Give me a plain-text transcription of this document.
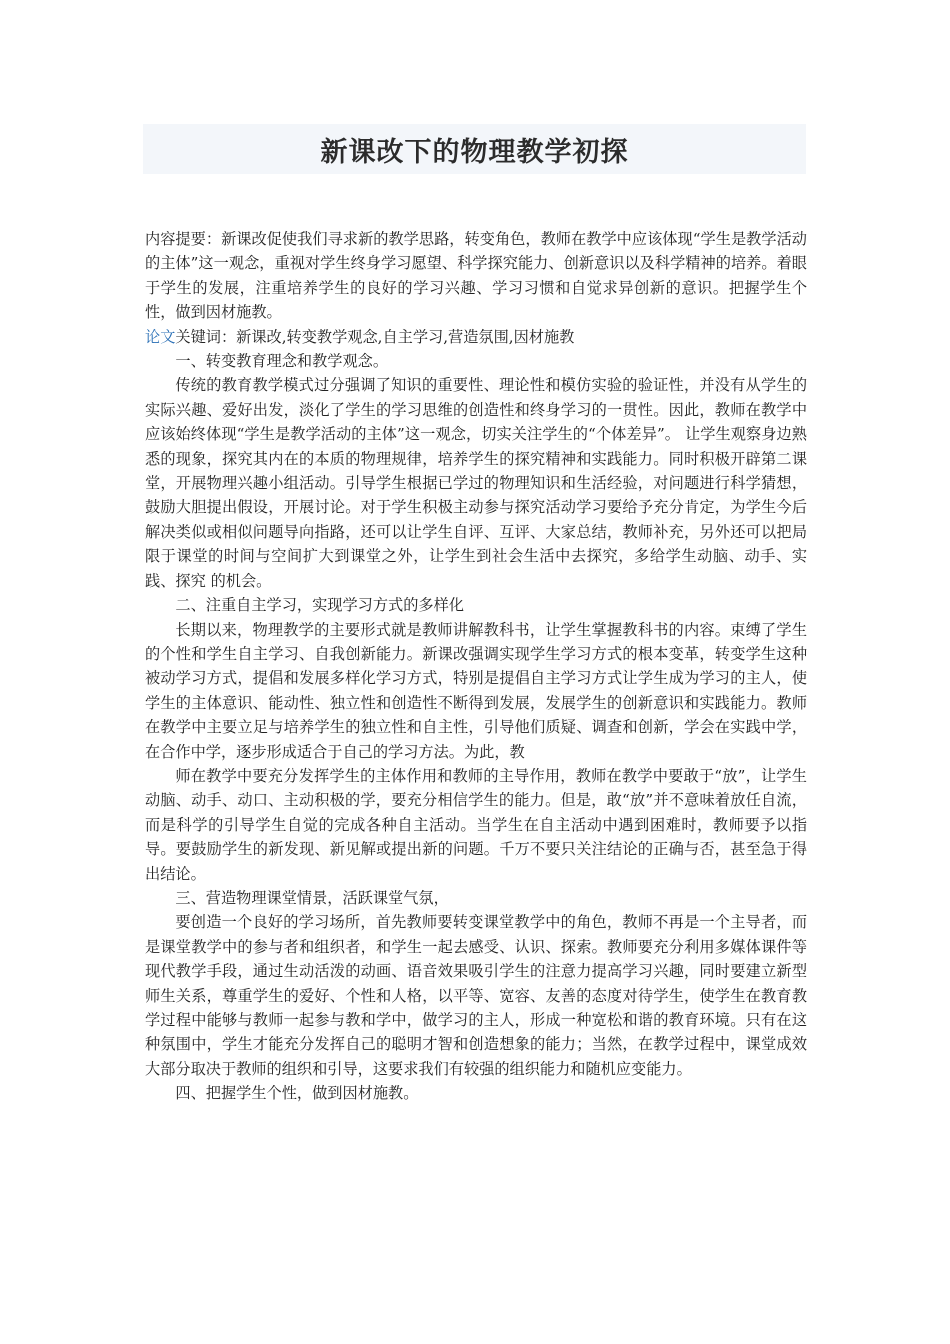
新课改下的物理教学初探

内容提要：新课改促使我们寻求新的教学思路，转变角色，教师在教学中应该体现“学生是教学活动的主体”这一观念，重视对学生终身学习愿望、科学探究能力、创新意识以及科学精神的培养。着眼于学生的发展，注重培养学生的良好的学习兴趣、学习习惯和自觉求异创新的意识。把握学生个性，做到因材施教。

论文关键词：新课改,转变教学观念,自主学习,营造氛围,因材施教

一、转变教育理念和教学观念。

传统的教育教学模式过分强调了知识的重要性、理论性和模仿实验的验证性，并没有从学生的实际兴趣、爱好出发，淡化了学生的学习思维的创造性和终身学习的一贯性。因此，教师在教学中应该始终体现“学生是教学活动的主体”这一观念，切实关注学生的“个体差异”。 让学生观察身边熟悉的现象，探究其内在的本质的物理规律，培养学生的探究精神和实践能力。同时积极开辟第二课堂，开展物理兴趣小组活动。引导学生根据已学过的物理知识和生活经验，对问题进行科学猜想，鼓励大胆提出假设，开展讨论。对于学生积极主动参与探究活动学习要给予充分肯定，为学生今后解决类似或相似问题导向指路，还可以让学生自评、互评、大家总结，教师补充，另外还可以把局限于课堂的时间与空间扩大到课堂之外，让学生到社会生活中去探究，多给学生动脑、动手、实践、探究 的机会。

二、注重自主学习，实现学习方式的多样化

长期以来，物理教学的主要形式就是教师讲解教科书，让学生掌握教科书的内容。束缚了学生的个性和学生自主学习、自我创新能力。新课改强调实现学生学习方式的根本变革，转变学生这种被动学习方式，提倡和发展多样化学习方式，特别是提倡自主学习方式让学生成为学习的主人，使学生的主体意识、能动性、独立性和创造性不断得到发展，发展学生的创新意识和实践能力。教师在教学中主要立足与培养学生的独立性和自主性，引导他们质疑、调查和创新，学会在实践中学，在合作中学，逐步形成适合于自己的学习方法。为此，教

师在教学中要充分发挥学生的主体作用和教师的主导作用，教师在教学中要敢于“放”，让学生动脑、动手、动口、主动积极的学，要充分相信学生的能力。但是，敢“放”并不意味着放任自流，而是科学的引导学生自觉的完成各种自主活动。当学生在自主活动中遇到困难时，教师要予以指导。要鼓励学生的新发现、新见解或提出新的问题。千万不要只关注结论的正确与否，甚至急于得出结论。

三、营造物理课堂情景，活跃课堂气氛，

要创造一个良好的学习场所，首先教师要转变课堂教学中的角色，教师不再是一个主导者，而是课堂教学中的参与者和组织者，和学生一起去感受、认识、探索。教师要充分利用多媒体课件等现代教学手段，通过生动活泼的动画、语音效果吸引学生的注意力提高学习兴趣，同时要建立新型师生关系，尊重学生的爱好、个性和人格，以平等、宽容、友善的态度对待学生，使学生在教育教学过程中能够与教师一起参与教和学中，做学习的主人，形成一种宽松和谐的教育环境。只有在这种氛围中，学生才能充分发挥自己的聪明才智和创造想象的能力；当然，在教学过程中，课堂成效大部分取决于教师的组织和引导，这要求我们有较强的组织能力和随机应变能力。

四、把握学生个性，做到因材施教。
